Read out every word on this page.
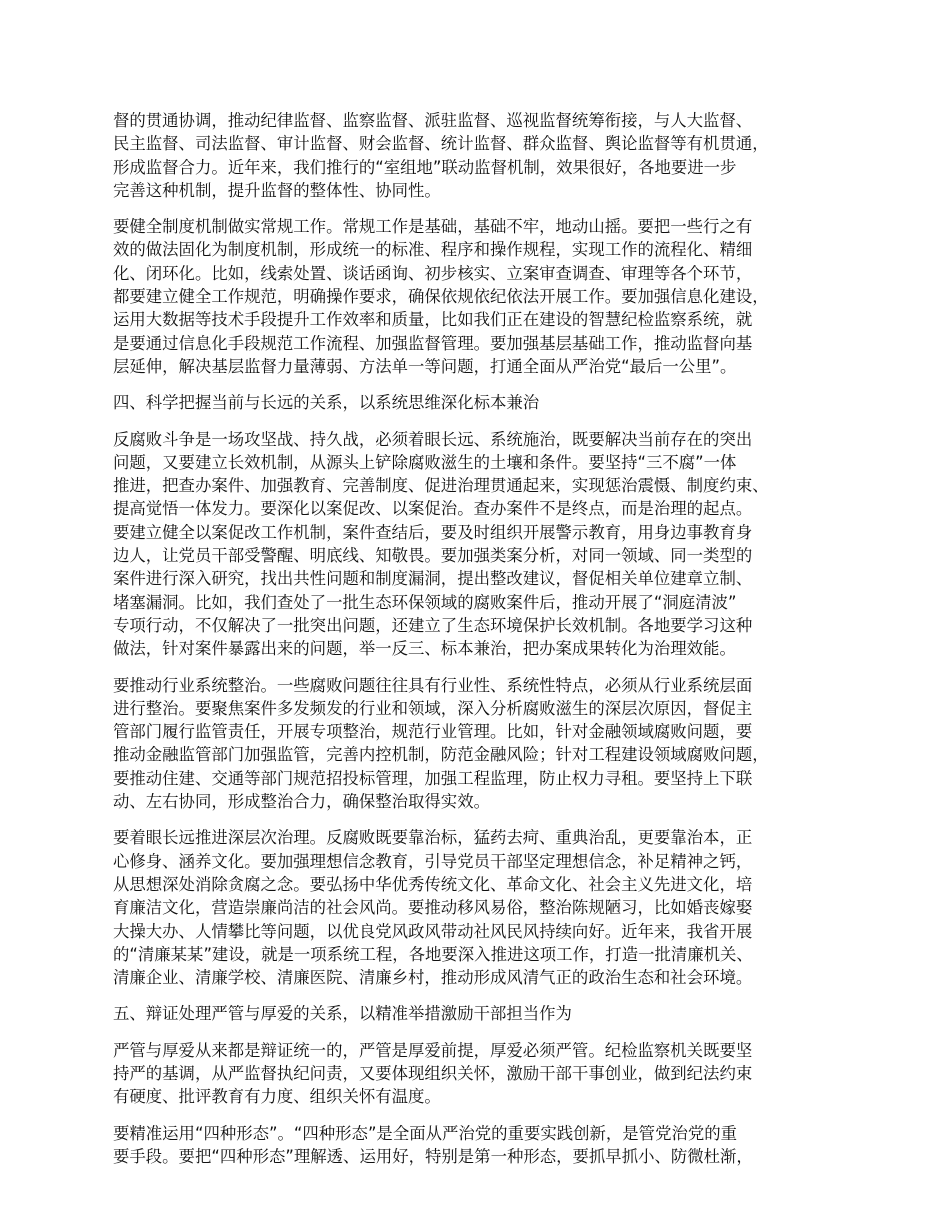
督的贯通协调，推动纪律监督、监察监督、派驻监督、巡视监督统筹衔接，与人大监督、
民主监督、司法监督、审计监督、财会监督、统计监督、群众监督、舆论监督等有机贯通，
形成监督合力。近年来，我们推行的“室组地”联动监督机制，效果很好，各地要进一步
完善这种机制，提升监督的整体性、协同性。
要健全制度机制做实常规工作。常规工作是基础，基础不牢，地动山摇。要把一些行之有
效的做法固化为制度机制，形成统一的标准、程序和操作规程，实现工作的流程化、精细
化、闭环化。比如，线索处置、谈话函询、初步核实、立案审查调查、审理等各个环节，
都要建立健全工作规范，明确操作要求，确保依规依纪依法开展工作。要加强信息化建设，
运用大数据等技术手段提升工作效率和质量，比如我们正在建设的智慧纪检监察系统，就
是要通过信息化手段规范工作流程、加强监督管理。要加强基层基础工作，推动监督向基
层延伸，解决基层监督力量薄弱、方法单一等问题，打通全面从严治党“最后一公里”。
四、科学把握当前与长远的关系，以系统思维深化标本兼治
反腐败斗争是一场攻坚战、持久战，必须着眼长远、系统施治，既要解决当前存在的突出
问题，又要建立长效机制，从源头上铲除腐败滋生的土壤和条件。要坚持“三不腐”一体
推进，把查办案件、加强教育、完善制度、促进治理贯通起来，实现惩治震慑、制度约束、
提高觉悟一体发力。要深化以案促改、以案促治。查办案件不是终点，而是治理的起点。
要建立健全以案促改工作机制，案件查结后，要及时组织开展警示教育，用身边事教育身
边人，让党员干部受警醒、明底线、知敬畏。要加强类案分析，对同一领域、同一类型的
案件进行深入研究，找出共性问题和制度漏洞，提出整改建议，督促相关单位建章立制、
堵塞漏洞。比如，我们查处了一批生态环保领域的腐败案件后，推动开展了“洞庭清波”
专项行动，不仅解决了一批突出问题，还建立了生态环境保护长效机制。各地要学习这种
做法，针对案件暴露出来的问题，举一反三、标本兼治，把办案成果转化为治理效能。
要推动行业系统整治。一些腐败问题往往具有行业性、系统性特点，必须从行业系统层面
进行整治。要聚焦案件多发频发的行业和领域，深入分析腐败滋生的深层次原因，督促主
管部门履行监管责任，开展专项整治，规范行业管理。比如，针对金融领域腐败问题，要
推动金融监管部门加强监管，完善内控机制，防范金融风险；针对工程建设领域腐败问题，
要推动住建、交通等部门规范招投标管理，加强工程监理，防止权力寻租。要坚持上下联
动、左右协同，形成整治合力，确保整治取得实效。
要着眼长远推进深层次治理。反腐败既要靠治标，猛药去疴、重典治乱，更要靠治本，正
心修身、涵养文化。要加强理想信念教育，引导党员干部坚定理想信念，补足精神之钙，
从思想深处消除贪腐之念。要弘扬中华优秀传统文化、革命文化、社会主义先进文化，培
育廉洁文化，营造崇廉尚洁的社会风尚。要推动移风易俗，整治陈规陋习，比如婚丧嫁娶
大操大办、人情攀比等问题，以优良党风政风带动社风民风持续向好。近年来，我省开展
的“清廉某某”建设，就是一项系统工程，各地要深入推进这项工作，打造一批清廉机关、
清廉企业、清廉学校、清廉医院、清廉乡村，推动形成风清气正的政治生态和社会环境。
五、辩证处理严管与厚爱的关系，以精准举措激励干部担当作为
严管与厚爱从来都是辩证统一的，严管是厚爱前提，厚爱必须严管。纪检监察机关既要坚
持严的基调，从严监督执纪问责，又要体现组织关怀，激励干部干事创业，做到纪法约束
有硬度、批评教育有力度、组织关怀有温度。
要精准运用“四种形态”。“四种形态”是全面从严治党的重要实践创新，是管党治党的重
要手段。要把“四种形态”理解透、运用好，特别是第一种形态，要抓早抓小、防微杜渐，
